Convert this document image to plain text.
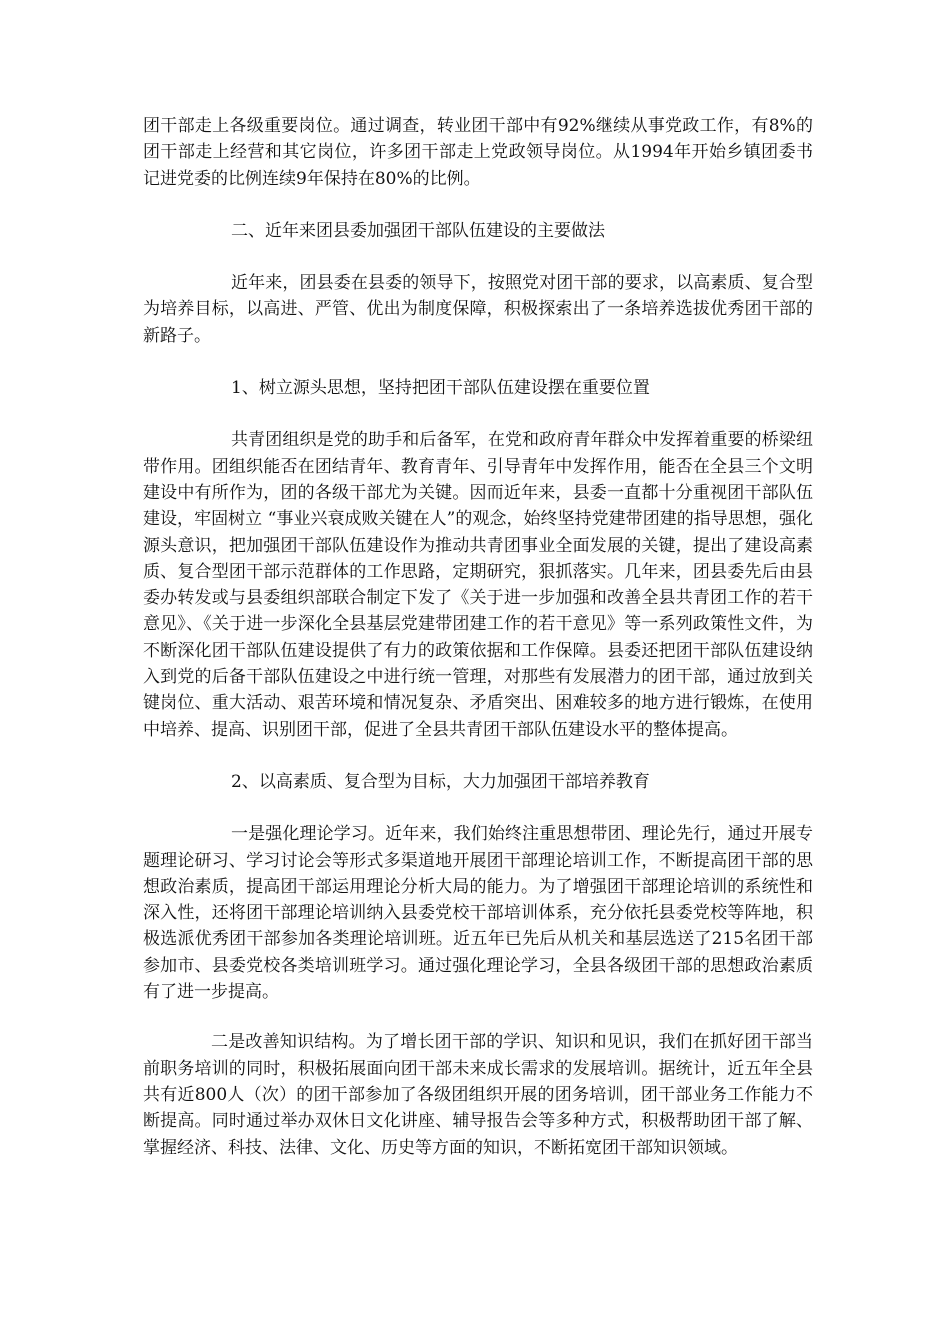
团干部走上各级重要岗位。通过调查，转业团干部中有92%继续从事党政工作，有8%的团干部走上经营和其它岗位，许多团干部走上党政领导岗位。从1994年开始乡镇团委书记进党委的比例连续9年保持在80%的比例。

二、近年来团县委加强团干部队伍建设的主要做法

近年来，团县委在县委的领导下，按照党对团干部的要求，以高素质、复合型为培养目标，以高进、严管、优出为制度保障，积极探索出了一条培养选拔优秀团干部的新路子。

1、树立源头思想，坚持把团干部队伍建设摆在重要位置

共青团组织是党的助手和后备军，在党和政府青年群众中发挥着重要的桥梁纽带作用。团组织能否在团结青年、教育青年、引导青年中发挥作用，能否在全县三个文明建设中有所作为，团的各级干部尤为关键。因而近年来，县委一直都十分重视团干部队伍建设，牢固树立 “事业兴衰成败关键在人”的观念，始终坚持党建带团建的指导思想，强化源头意识，把加强团干部队伍建设作为推动共青团事业全面发展的关键，提出了建设高素质、复合型团干部示范群体的工作思路，定期研究，狠抓落实。几年来，团县委先后由县委办转发或与县委组织部联合制定下发了《关于进一步加强和改善全县共青团工作的若干意见》、《关于进一步深化全县基层党建带团建工作的若干意见》等一系列政策性文件，为不断深化团干部队伍建设提供了有力的政策依据和工作保障。县委还把团干部队伍建设纳入到党的后备干部队伍建设之中进行统一管理，对那些有发展潜力的团干部，通过放到关键岗位、重大活动、艰苦环境和情况复杂、矛盾突出、困难较多的地方进行锻炼，在使用中培养、提高、识别团干部，促进了全县共青团干部队伍建设水平的整体提高。

2、以高素质、复合型为目标，大力加强团干部培养教育

一是强化理论学习。近年来，我们始终注重思想带团、理论先行，通过开展专题理论研习、学习讨论会等形式多渠道地开展团干部理论培训工作，不断提高团干部的思想政治素质，提高团干部运用理论分析大局的能力。为了增强团干部理论培训的系统性和深入性，还将团干部理论培训纳入县委党校干部培训体系，充分依托县委党校等阵地，积极选派优秀团干部参加各类理论培训班。近五年已先后从机关和基层选送了215名团干部参加市、县委党校各类培训班学习。通过强化理论学习，全县各级团干部的思想政治素质有了进一步提高。

二是改善知识结构。为了增长团干部的学识、知识和见识，我们在抓好团干部当前职务培训的同时，积极拓展面向团干部未来成长需求的发展培训。据统计，近五年全县共有近800人（次）的团干部参加了各级团组织开展的团务培训，团干部业务工作能力不断提高。同时通过举办双休日文化讲座、辅导报告会等多种方式，积极帮助团干部了解、掌握经济、科技、法律、文化、历史等方面的知识，不断拓宽团干部知识领域。
